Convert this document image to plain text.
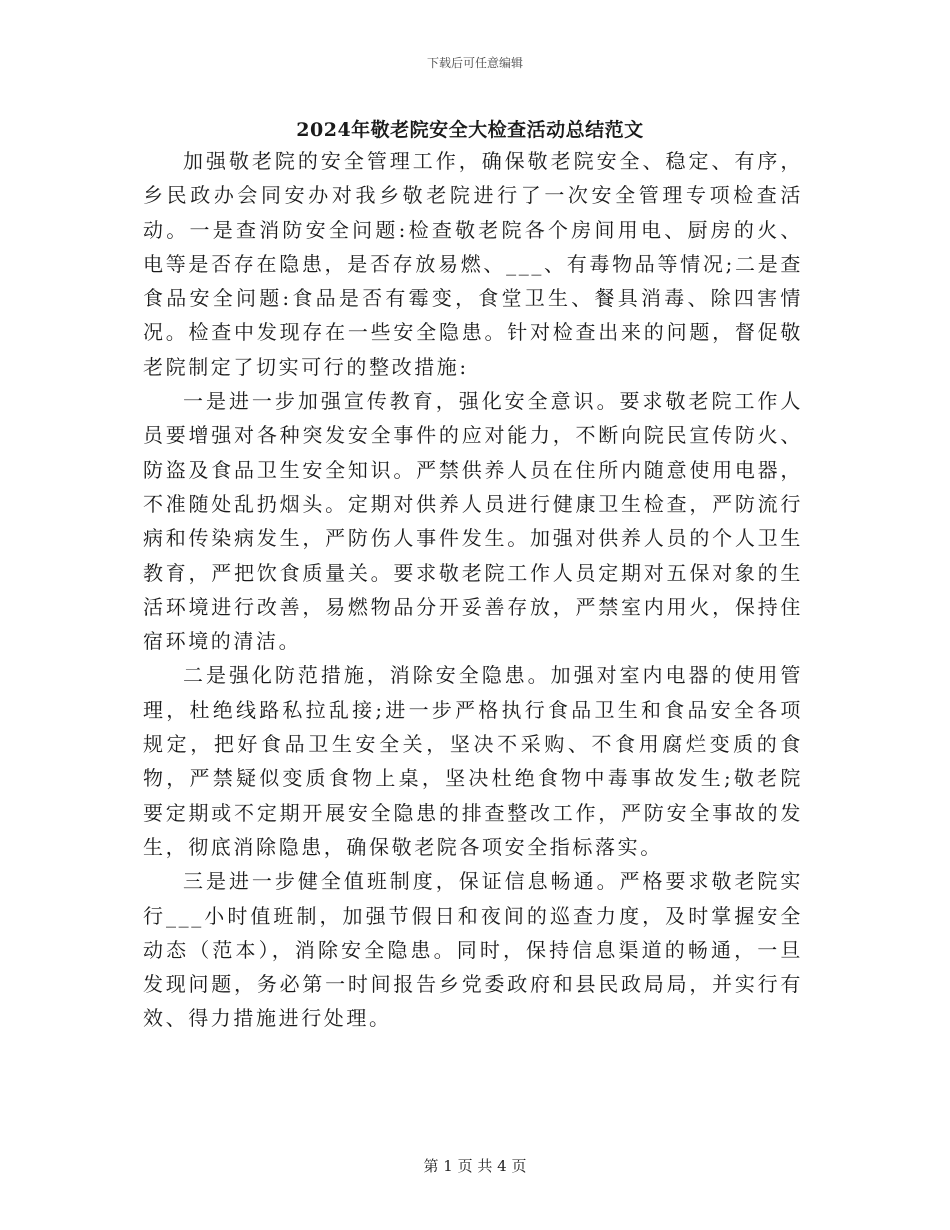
下载后可任意编辑
2024年敬老院安全大检查活动总结范文

加强敬老院的安全管理工作，确保敬老院安全、稳定、有序，乡民政办会同安办对我乡敬老院进行了一次安全管理专项检查活动。一是查消防安全问题:检查敬老院各个房间用电、厨房的火、电等是否存在隐患，是否存放易燃、___、有毒物品等情况;二是查食品安全问题:食品是否有霉变，食堂卫生、餐具消毒、除四害情况。检查中发现存在一些安全隐患。针对检查出来的问题，督促敬老院制定了切实可行的整改措施:

一是进一步加强宣传教育，强化安全意识。要求敬老院工作人员要增强对各种突发安全事件的应对能力，不断向院民宣传防火、防盗及食品卫生安全知识。严禁供养人员在住所内随意使用电器，不准随处乱扔烟头。定期对供养人员进行健康卫生检查，严防流行病和传染病发生，严防伤人事件发生。加强对供养人员的个人卫生教育，严把饮食质量关。要求敬老院工作人员定期对五保对象的生活环境进行改善，易燃物品分开妥善存放，严禁室内用火，保持住宿环境的清洁。

二是强化防范措施，消除安全隐患。加强对室内电器的使用管理，杜绝线路私拉乱接;进一步严格执行食品卫生和食品安全各项规定，把好食品卫生安全关，坚决不采购、不食用腐烂变质的食物，严禁疑似变质食物上桌，坚决杜绝食物中毒事故发生;敬老院要定期或不定期开展安全隐患的排查整改工作，严防安全事故的发生，彻底消除隐患，确保敬老院各项安全指标落实。

三是进一步健全值班制度，保证信息畅通。严格要求敬老院实行___小时值班制，加强节假日和夜间的巡查力度，及时掌握安全动态（范本），消除安全隐患。同时，保持信息渠道的畅通，一旦发现问题，务必第一时间报告乡党委政府和县民政局局，并实行有效、得力措施进行处理。

第 1 页 共 4 页
